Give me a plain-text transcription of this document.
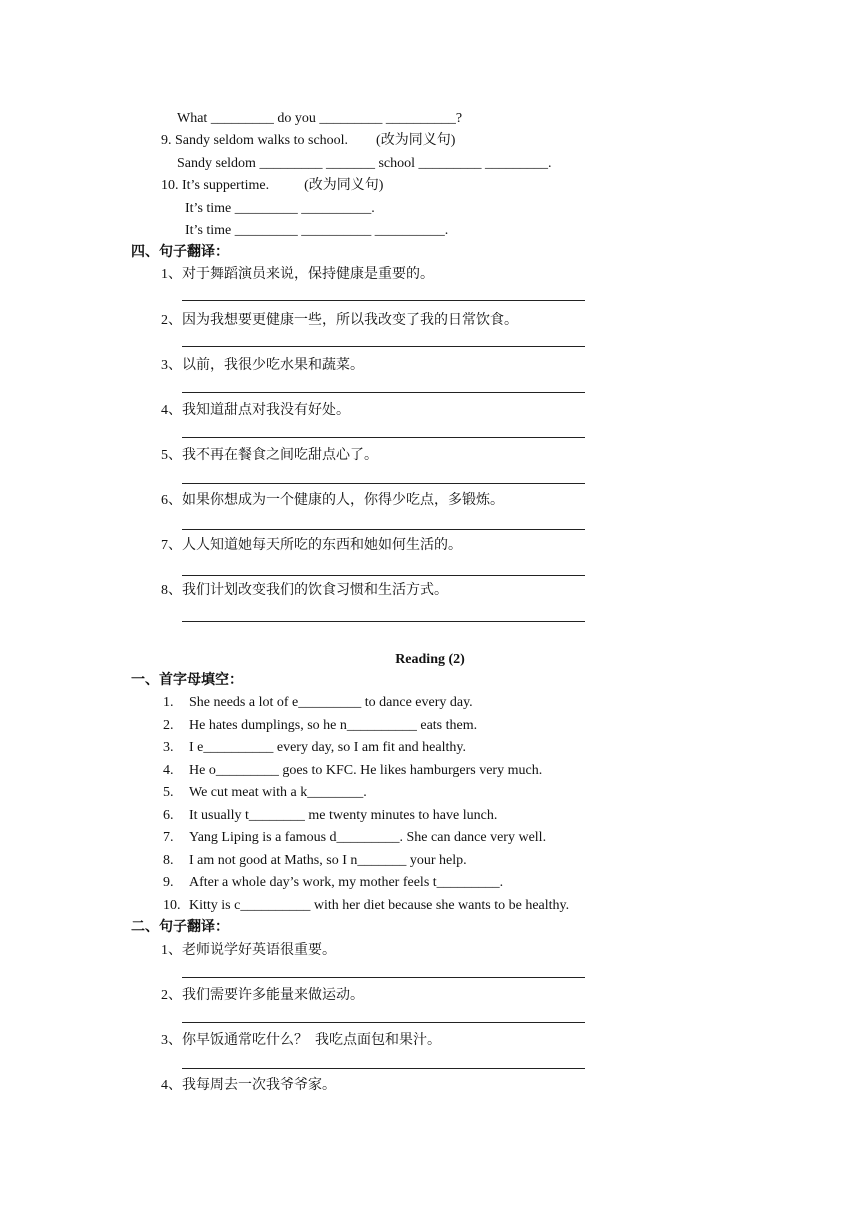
What _________ do you _________ __________?
9. Sandy seldom walks to school.        (改为同义句)
Sandy seldom _________ _______ school _________ _________.
10. It’s suppertime.          (改为同义句)
It’s time _________ __________.
It’s time _________ __________ __________.
四、句子翻译：
1、对于舞蹈演员来说，保持健康是重要的。
2、因为我想要更健康一些，所以我改变了我的日常饮食。
3、以前，我很少吃水果和蔬菜。
4、我知道甜点对我没有好处。
5、我不再在餐食之间吃甜点心了。
6、如果你想成为一个健康的人，你得少吃点，多锻炼。
7、人人知道她每天所吃的东西和她如何生活的。
8、我们计划改变我们的饮食习惯和生活方式。
Reading (2)
一、首字母填空：
1. She needs a lot of e_________ to dance every day.
2. He hates dumplings, so he n__________ eats them.
3. I e__________ every day, so I am fit and healthy.
4. He o_________ goes to KFC. He likes hamburgers very much.
5. We cut meat with a k________.
6. It usually t________ me twenty minutes to have lunch.
7. Yang Liping is a famous d_________. She can dance very well.
8. I am not good at Maths, so I n_______ your help.
9. After a whole day’s work, my mother feels t_________.
10. Kitty is c__________ with her diet because she wants to be healthy.
二、句子翻译：
1、老师说学好英语很重要。
2、我们需要许多能量来做运动。
3、你早饭通常吃什么？  我吃点面包和果汁。
4、我每周去一次我爷爷家。
